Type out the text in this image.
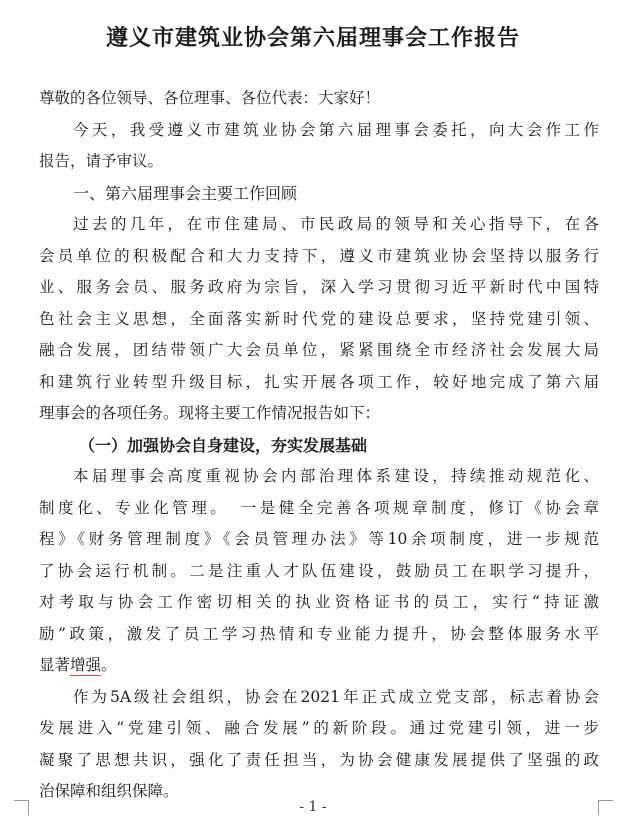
遵义市建筑业协会第六届理事会工作报告
尊敬的各位领导、各位理事、各位代表：大家好！
今天，我受遵义市建筑业协会第六届理事会委托，向大会作工作
报告，请予审议。
一、第六届理事会主要工作回顾
过去的几年，在市住建局、市民政局的领导和关心指导下，在各
会员单位的积极配合和大力支持下，遵义市建筑业协会坚持以服务行
业、服务会员、服务政府为宗旨，深入学习贯彻习近平新时代中国特
色社会主义思想，全面落实新时代党的建设总要求，坚持党建引领、
融合发展，团结带领广大会员单位，紧紧围绕全市经济社会发展大局
和建筑行业转型升级目标，扎实开展各项工作，较好地完成了第六届
理事会的各项任务。现将主要工作情况报告如下：
（一）加强协会自身建设，夯实发展基础
本届理事会高度重视协会内部治理体系建设，持续推动规范化、
制度化、专业化管理。　一是健全完善各项规章制度，修订《协会章
程》《财务管理制度》《会员管理办法》等10余项制度，进一步规范
了协会运行机制。二是注重人才队伍建设，鼓励员工在职学习提升，
对考取与协会工作密切相关的执业资格证书的员工，实行“持证激
励”政策，激发了员工学习热情和专业能力提升，协会整体服务水平
显著增强。
作为5A级社会组织，协会在2021年正式成立党支部，标志着协会
发展进入“党建引领、融合发展”的新阶段。通过党建引领，进一步
凝聚了思想共识，强化了责任担当，为协会健康发展提供了坚强的政
治保障和组织保障。
- 1 -
